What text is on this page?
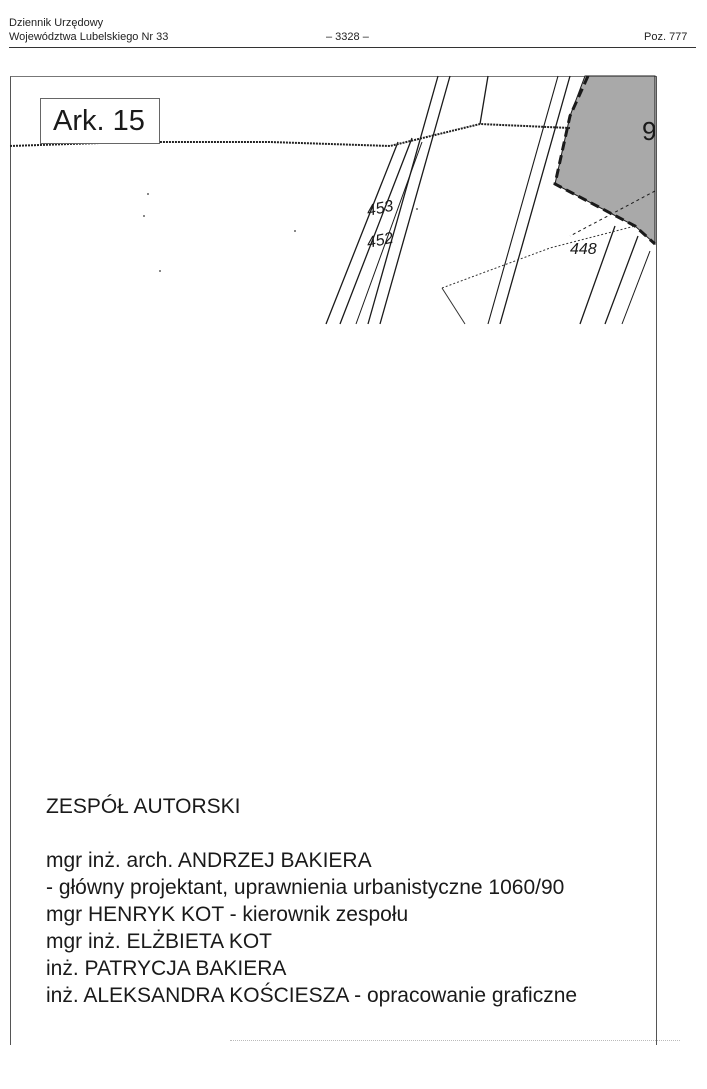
Dziennik Urzędowy
Województwa Lubelskiego Nr 33	– 3328 –	Poz. 777
453
452	448
9
Ark. 15
ZESPÓŁ AUTORSKI
mgr inż. arch. ANDRZEJ BAKIERA
- główny projektant, uprawnienia urbanistyczne 1060/90
mgr HENRYK KOT - kierownik zespołu
mgr inż. ELŻBIETA KOT
inż. PATRYCJA BAKIERA
inż. ALEKSANDRA KOŚCIESZA - opracowanie graficzne
